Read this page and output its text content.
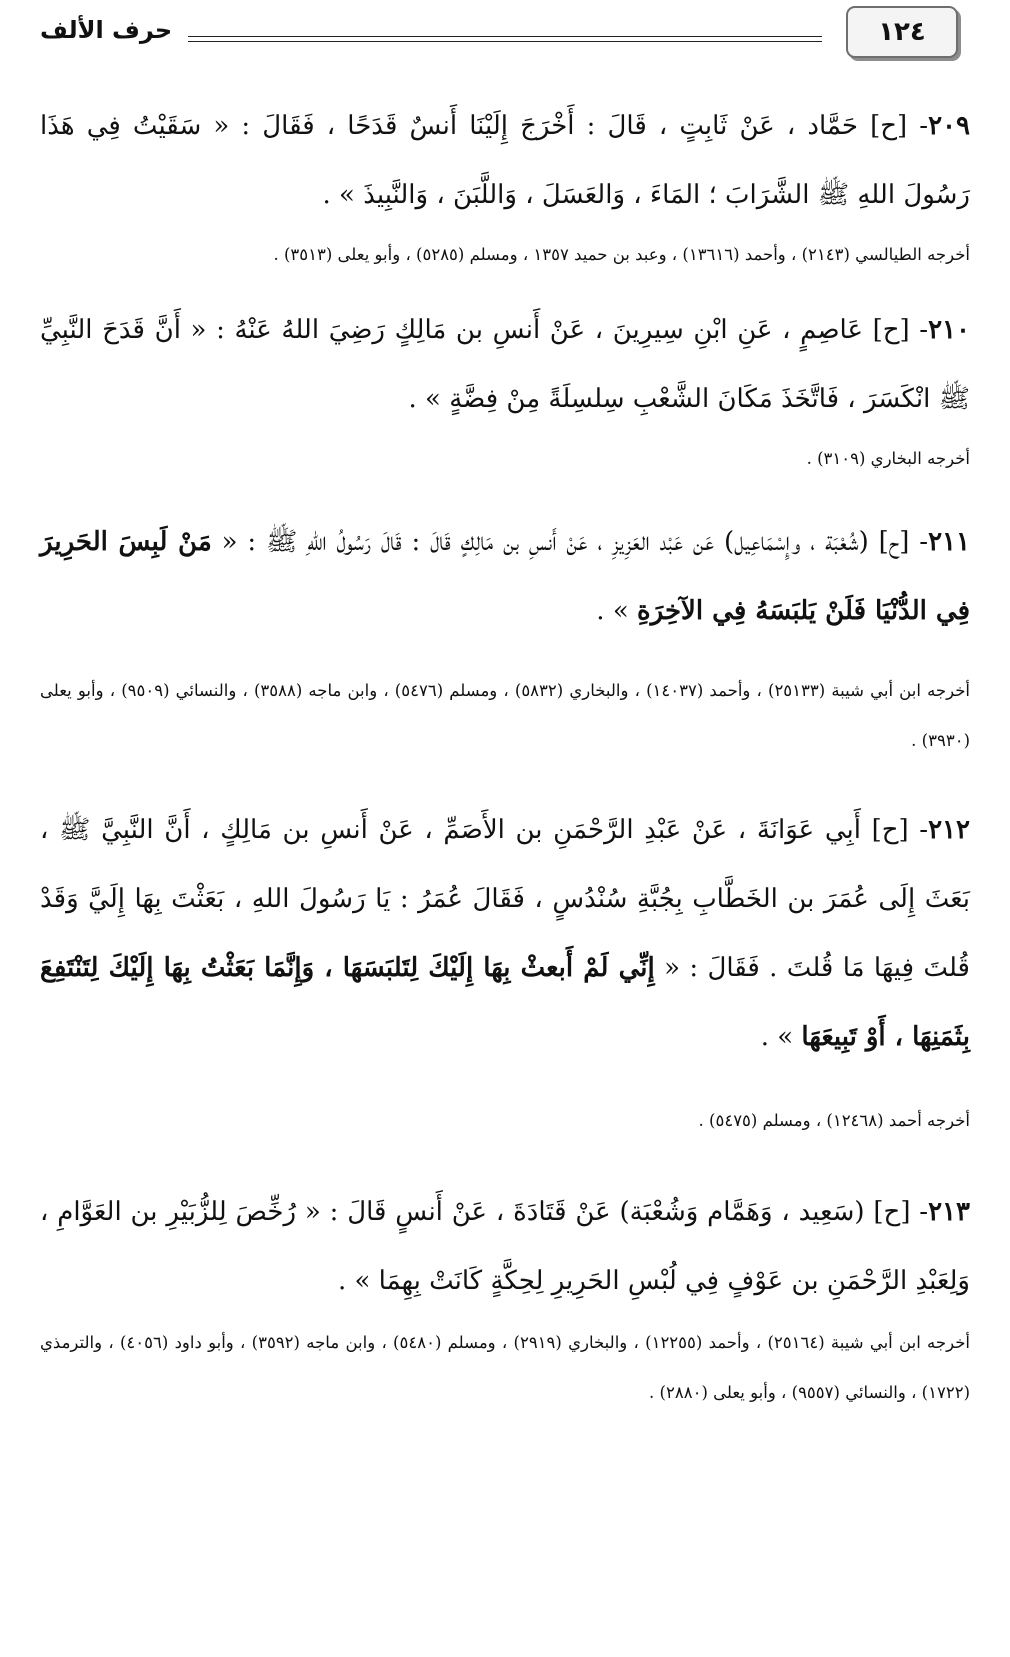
١٢٤
حرف الألف
٢٠٩- [ح] حَمَّاد ، عَنْ ثَابِتٍ ، قَالَ : أَخْرَجَ إِلَيْنَا أَنسٌ قَدَحًا ، فَقَالَ : « سَقَيْتُ فِي هَذَا رَسُولَ اللهِ ﷺ الشَّرَابَ ؛ المَاءَ ، وَالعَسَلَ ، وَاللَّبَنَ ، وَالنَّبِيذَ » .
أخرجه الطيالسي (٢١٤٣) ، وأحمد (١٣٦١٦) ، وعبد بن حميد ١٣٥٧ ، ومسلم (٥٢٨٥) ، وأبو يعلى (٣٥١٣) .
٢١٠- [ح] عَاصِمٍ ، عَنِ ابْنِ سِيرِينَ ، عَنْ أَنسِ بن مَالِكٍ رَضِيَ اللهُ عَنْهُ : « أَنَّ قَدَحَ النَّبِيِّ ﷺ انْكَسَرَ ، فَاتَّخَذَ مَكَانَ الشَّعْبِ سِلسِلَةً مِنْ فِضَّةٍ » .
أخرجه البخاري (٣١٠٩) .
٢١١- [ح] (شُعْبَة ، وإِسْمَاعِيل) عَن عَبْد العَزِيزِ ، عَنْ أَنسِ بن مَالِكٍ قَالَ : قَالَ رَسُولُ اللهِ ﷺ : « مَنْ لَبِسَ الحَرِيرَ فِي الدُّنْيَا فَلَنْ يَلبَسَهُ فِي الآخِرَةِ » .
أخرجه ابن أبي شيبة (٢٥١٣٣) ، وأحمد (١٤٠٣٧) ، والبخاري (٥٨٣٢) ، ومسلم (٥٤٧٦) ، وابن ماجه (٣٥٨٨) ، والنسائي (٩٥٠٩) ، وأبو يعلى (٣٩٣٠) .
٢١٢- [ح] أَبِي عَوَانَةَ ، عَنْ عَبْدِ الرَّحْمَنِ بن الأَصَمِّ ، عَنْ أَنسِ بن مَالِكٍ ، أَنَّ النَّبِيَّ ﷺ ، بَعَثَ إِلَى عُمَرَ بن الخَطَّابِ بِجُبَّةِ سُنْدُسٍ ، فَقَالَ عُمَرُ : يَا رَسُولَ اللهِ ، بَعَثْتَ بِهَا إِلَيَّ وَقَدْ قُلتَ فِيهَا مَا قُلتَ . فَقَالَ : « إِنِّي لَمْ أَبعثْ بِهَا إِلَيْكَ لِتَلبَسَهَا ، وَإِنَّمَا بَعَثْتُ بِهَا إِلَيْكَ لِتَنْتَفِعَ بِثَمَنِهَا ، أَوْ تَبِيعَهَا » .
أخرجه أحمد (١٢٤٦٨) ، ومسلم (٥٤٧٥) .
٢١٣- [ح] (سَعِيد ، وَهَمَّام وَشُعْبَة) عَنْ قَتَادَةَ ، عَنْ أَنسٍ قَالَ : « رُخِّصَ لِلزُّبَيْرِ بن العَوَّامِ ، وَلِعَبْدِ الرَّحْمَنِ بن عَوْفٍ فِي لُبْسِ الحَرِيرِ لِحِكَّةٍ كَانَتْ بِهِمَا » .
أخرجه ابن أبي شيبة (٢٥١٦٤) ، وأحمد (١٢٢٥٥) ، والبخاري (٢٩١٩) ، ومسلم (٥٤٨٠) ، وابن ماجه (٣٥٩٢) ، وأبو داود (٤٠٥٦) ، والترمذي (١٧٢٢) ، والنسائي (٩٥٥٧) ، وأبو يعلى (٢٨٨٠) .
